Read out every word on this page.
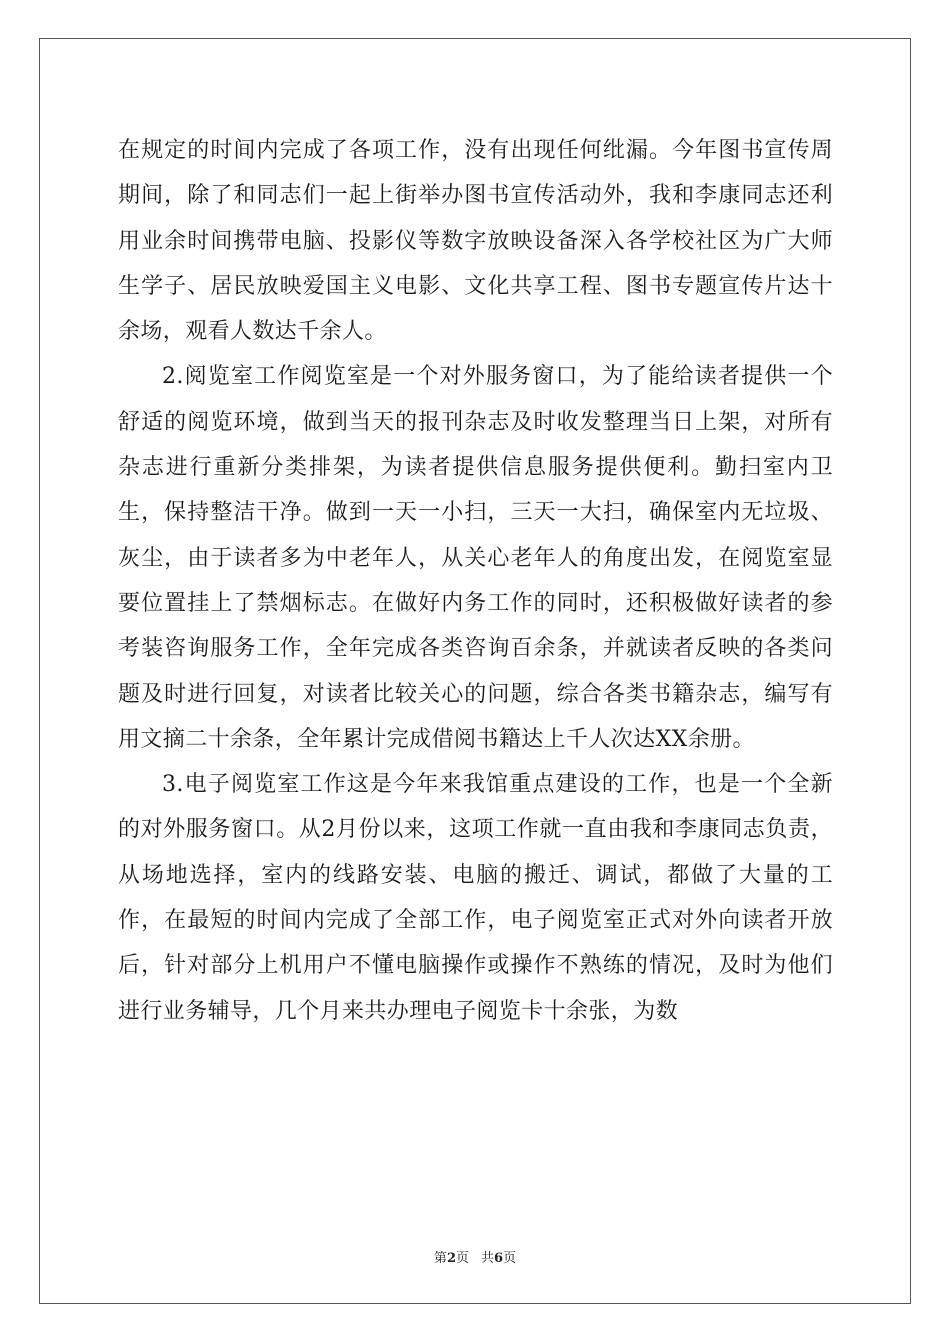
在规定的时间内完成了各项工作，没有出现任何纰漏。今年图书宣传周期间，除了和同志们一起上街举办图书宣传活动外，我和李康同志还利用业余时间携带电脑、投影仪等数字放映设备深入各学校社区为广大师生学子、居民放映爱国主义电影、文化共享工程、图书专题宣传片达十余场，观看人数达千余人。

2.阅览室工作阅览室是一个对外服务窗口，为了能给读者提供一个舒适的阅览环境，做到当天的报刊杂志及时收发整理当日上架，对所有杂志进行重新分类排架，为读者提供信息服务提供便利。勤扫室内卫生，保持整洁干净。做到一天一小扫，三天一大扫，确保室内无垃圾、灰尘，由于读者多为中老年人，从关心老年人的角度出发，在阅览室显要位置挂上了禁烟标志。在做好内务工作的同时，还积极做好读者的参考装咨询服务工作，全年完成各类咨询百余条，并就读者反映的各类问题及时进行回复，对读者比较关心的问题，综合各类书籍杂志，编写有用文摘二十余条，全年累计完成借阅书籍达上千人次达XX余册。

3.电子阅览室工作这是今年来我馆重点建设的工作，也是一个全新的对外服务窗口。从2月份以来，这项工作就一直由我和李康同志负责，从场地选择，室内的线路安装、电脑的搬迁、调试，都做了大量的工作，在最短的时间内完成了全部工作，电子阅览室正式对外向读者开放后，针对部分上机用户不懂电脑操作或操作不熟练的情况，及时为他们进行业务辅导，几个月来共办理电子阅览卡十余张，为数

第2页 共6页
